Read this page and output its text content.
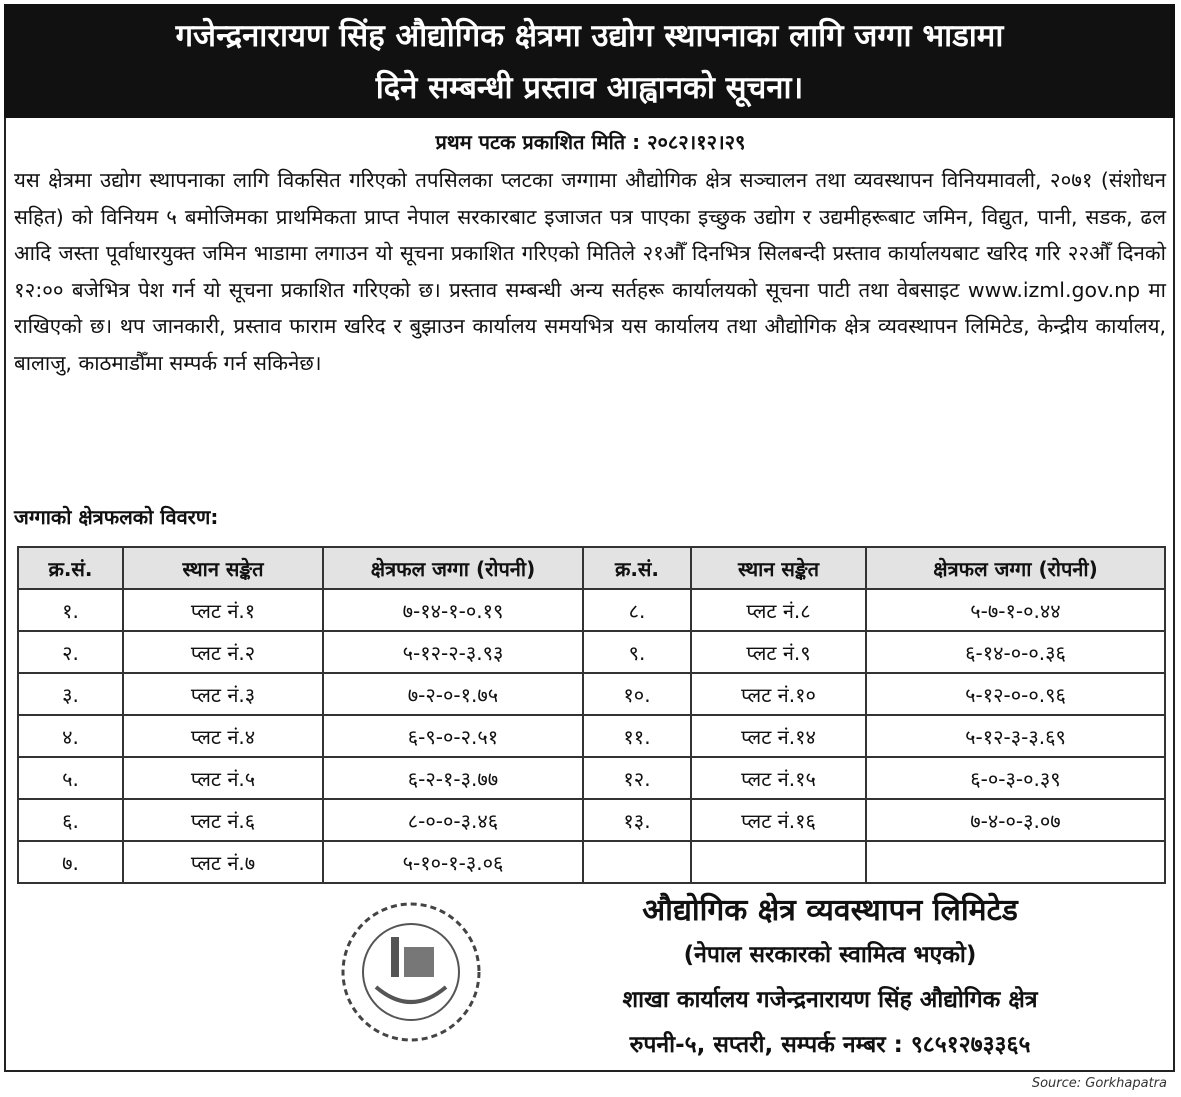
गजेन्द्रनारायण सिंह औद्योगिक क्षेत्रमा उद्योग स्थापनाका लागि जग्गा भाडामा
दिने सम्बन्धी प्रस्ताव आह्वानको सूचना।
प्रथम पटक प्रकाशित मिति : २०८२।१२।२९
यस क्षेत्रमा उद्योग स्थापनाका लागि विकसित गरिएको तपसिलका प्लटका जग्गामा औद्योगिक क्षेत्र सञ्चालन तथा व्यवस्थापन विनियमावली, २०७१ (संशोधन सहित) को विनियम ५ बमोजिमका प्राथमिकता प्राप्त नेपाल सरकारबाट इजाजत पत्र पाएका इच्छुक उद्योग र उद्यमीहरूबाट जमिन, विद्युत, पानी, सडक, ढल आदि जस्ता पूर्वाधारयुक्त जमिन भाडामा लगाउन यो सूचना प्रकाशित गरिएको मितिले २१औँ दिनभित्र सिलबन्दी प्रस्ताव कार्यालयबाट खरिद गरि २२औँ दिनको १२:०० बजेभित्र पेश गर्न यो सूचना प्रकाशित गरिएको छ। प्रस्ताव सम्बन्धी अन्य सर्तहरू कार्यालयको सूचना पाटी तथा वेबसाइट www.izml.gov.np मा राखिएको छ। थप जानकारी, प्रस्ताव फाराम खरिद र बुझाउन कार्यालय समयभित्र यस कार्यालय तथा औद्योगिक क्षेत्र व्यवस्थापन लिमिटेड, केन्द्रीय कार्यालय, बालाजु, काठमाडौँमा सम्पर्क गर्न सकिनेछ।
जग्गाको क्षेत्रफलको विवरण:
क्र.सं.	स्थान सङ्केत	क्षेत्रफल जग्गा (रोपनी)	क्र.सं.	स्थान सङ्केत	क्षेत्रफल जग्गा (रोपनी)
१.	प्लट नं.१	७-१४-१-०.१९	८.	प्लट नं.८	५-७-१-०.४४
२.	प्लट नं.२	५-१२-२-३.९३	९.	प्लट नं.९	६-१४-०-०.३६
३.	प्लट नं.३	७-२-०-१.७५	१०.	प्लट नं.१०	५-१२-०-०.९६
४.	प्लट नं.४	६-९-०-२.५१	११.	प्लट नं.१४	५-१२-३-३.६९
५.	प्लट नं.५	६-२-१-३.७७	१२.	प्लट नं.१५	६-०-३-०.३९
६.	प्लट नं.६	८-०-०-३.४६	१३.	प्लट नं.१६	७-४-०-३.०७
७.	प्लट नं.७	५-१०-१-३.०६			
औद्योगिक क्षेत्र व्यवस्थापन लिमिटेड
(नेपाल सरकारको स्वामित्व भएको)
शाखा कार्यालय गजेन्द्रनारायण सिंह औद्योगिक क्षेत्र
रुपनी-५, सप्तरी, सम्पर्क नम्बर : ९८५१२७३३६५
Source: Gorkhapatra
